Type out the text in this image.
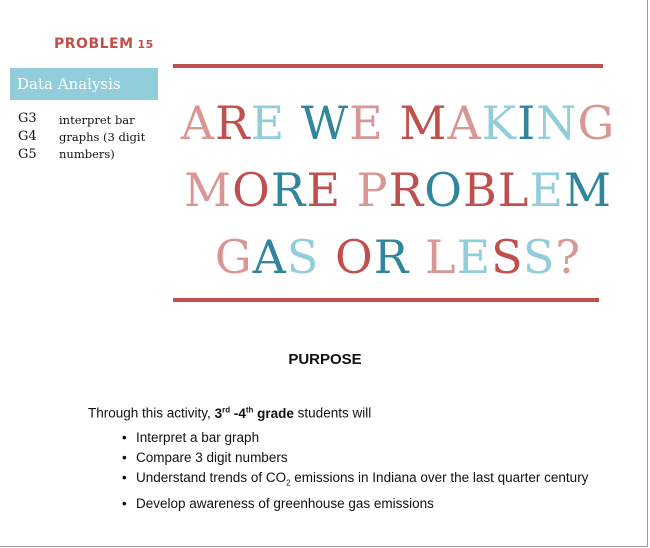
PROBLEM 15
Data Analysis
G3
G4
G5
interpret bar graphs (3 digit numbers)
ARE WE MAKING
MORE PROBLEM
GAS OR LESS?
PURPOSE
Through this activity, 3rd -4th grade students will
• Interpret a bar graph
• Compare 3 digit numbers
• Understand trends of $CO_2$ emissions in Indiana over the last quarter century
• Develop awareness of greenhouse gas emissions
